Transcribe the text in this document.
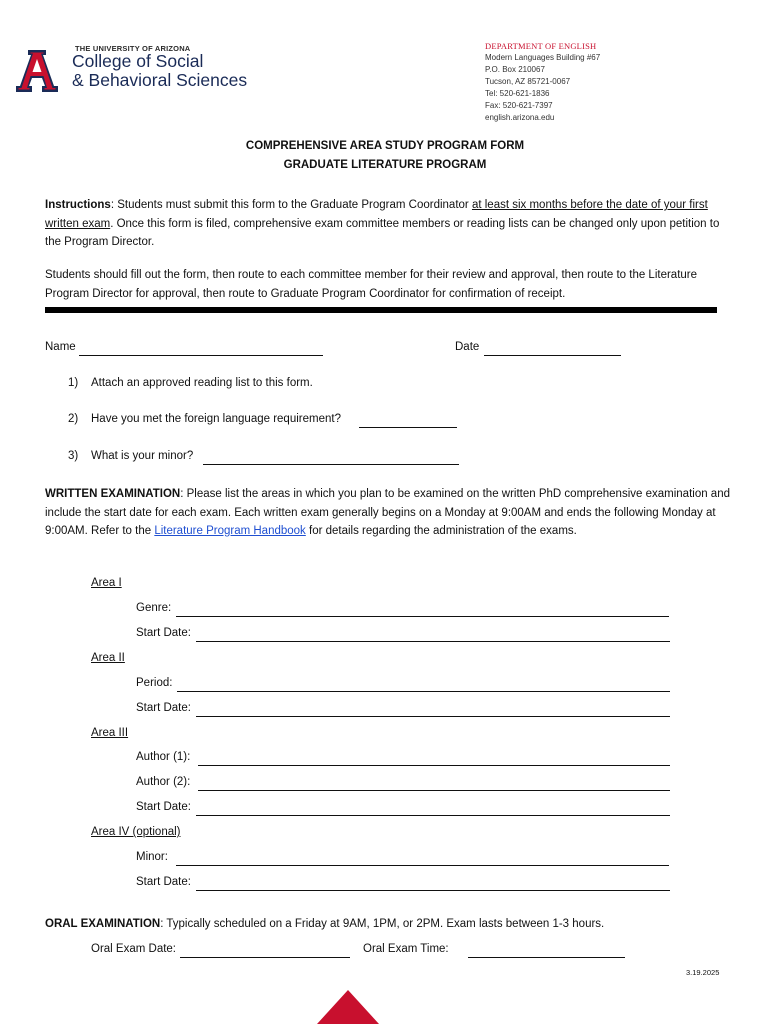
THE UNIVERSITY OF ARIZONA
College of Social
& Behavioral Sciences
DEPARTMENT OF ENGLISH
Modern Languages Building #67
P.O. Box 210067
Tucson, AZ 85721-0067
Tel: 520-621-1836
Fax: 520-621-7397
english.arizona.edu
COMPREHENSIVE AREA STUDY PROGRAM FORM
GRADUATE LITERATURE PROGRAM
Instructions: Students must submit this form to the Graduate Program Coordinator at least six months before the date of your first written exam. Once this form is filed, comprehensive exam committee members or reading lists can be changed only upon petition to the Program Director.
Students should fill out the form, then route to each committee member for their review and approval, then route to the Literature Program Director for approval, then route to Graduate Program Coordinator for confirmation of receipt.
Name	Date
1) Attach an approved reading list to this form.
2) Have you met the foreign language requirement?
3) What is your minor?
WRITTEN EXAMINATION: Please list the areas in which you plan to be examined on the written PhD comprehensive examination and include the start date for each exam. Each written exam generally begins on a Monday at 9:00AM and ends the following Monday at 9:00AM. Refer to the Literature Program Handbook for details regarding the administration of the exams.
Area I
Genre:
Start Date:
Area II
Period:
Start Date:
Area III
Author (1):
Author (2):
Start Date:
Area IV (optional)
Minor:
Start Date:
ORAL EXAMINATION: Typically scheduled on a Friday at 9AM, 1PM, or 2PM. Exam lasts between 1-3 hours.
Oral Exam Date:	Oral Exam Time:
3.19.2025
